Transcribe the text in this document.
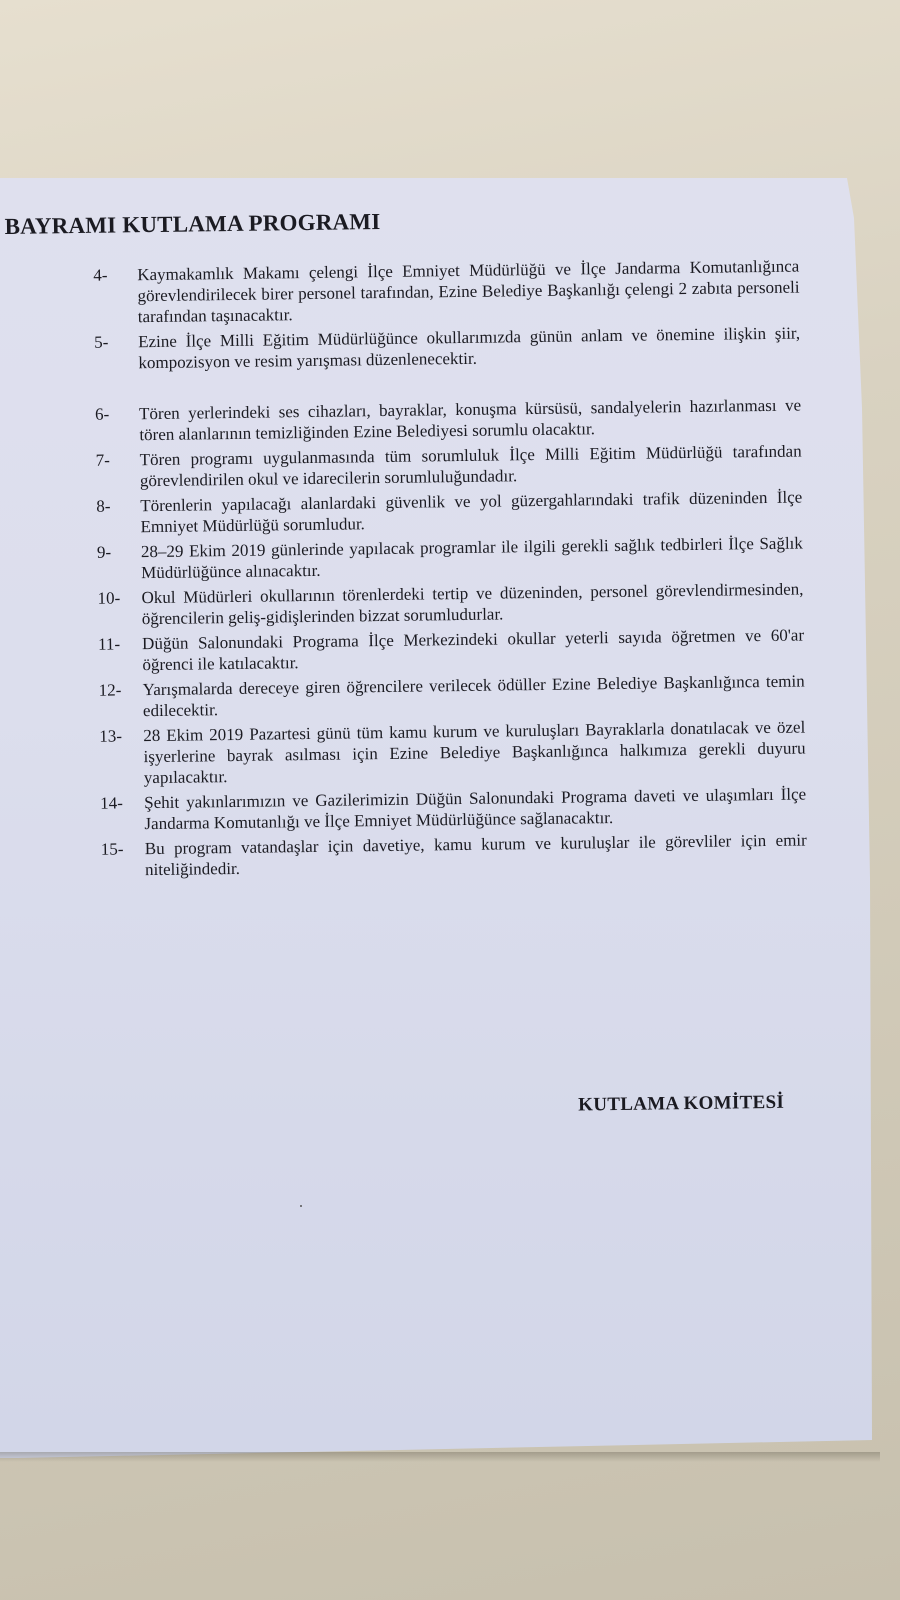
BAYRAMI KUTLAMA PROGRAMI
4-	Kaymakamlık Makamı çelengi İlçe Emniyet Müdürlüğü ve İlçe Jandarma Komutanlığınca görevlendirilecek birer personel tarafından, Ezine Belediye Başkanlığı çelengi 2 zabıta personeli tarafından taşınacaktır.
5-	Ezine İlçe Milli Eğitim Müdürlüğünce okullarımızda günün anlam ve önemine ilişkin şiir, kompozisyon ve resim yarışması düzenlenecektir.
6-	Tören yerlerindeki ses cihazları, bayraklar, konuşma kürsüsü, sandalyelerin hazırlanması ve tören alanlarının temizliğinden Ezine Belediyesi sorumlu olacaktır.
7-	Tören programı uygulanmasında tüm sorumluluk İlçe Milli Eğitim Müdürlüğü tarafından görevlendirilen okul ve idarecilerin sorumluluğundadır.
8-	Törenlerin yapılacağı alanlardaki güvenlik ve yol güzergahlarındaki trafik düzeninden İlçe Emniyet Müdürlüğü sorumludur.
9-	28–29 Ekim 2019 günlerinde yapılacak programlar ile ilgili gerekli sağlık tedbirleri İlçe Sağlık Müdürlüğünce alınacaktır.
10-	Okul Müdürleri okullarının törenlerdeki tertip ve düzeninden, personel görevlendirmesinden, öğrencilerin geliş-gidişlerinden bizzat sorumludurlar.
11-	Düğün Salonundaki Programa İlçe Merkezindeki okullar yeterli sayıda öğretmen ve 60'ar öğrenci ile katılacaktır.
12-	Yarışmalarda dereceye giren öğrencilere verilecek ödüller Ezine Belediye Başkanlığınca temin edilecektir.
13-	28 Ekim 2019 Pazartesi günü tüm kamu kurum ve kuruluşları Bayraklarla donatılacak ve özel işyerlerine bayrak asılması için Ezine Belediye Başkanlığınca halkımıza gerekli duyuru yapılacaktır.
14-	Şehit yakınlarımızın ve Gazilerimizin Düğün Salonundaki Programa daveti ve ulaşımları İlçe Jandarma Komutanlığı ve İlçe Emniyet Müdürlüğünce sağlanacaktır.
15-	Bu program vatandaşlar için davetiye, kamu kurum ve kuruluşlar ile görevliler için emir niteliğindedir.
KUTLAMA KOMİTESİ
